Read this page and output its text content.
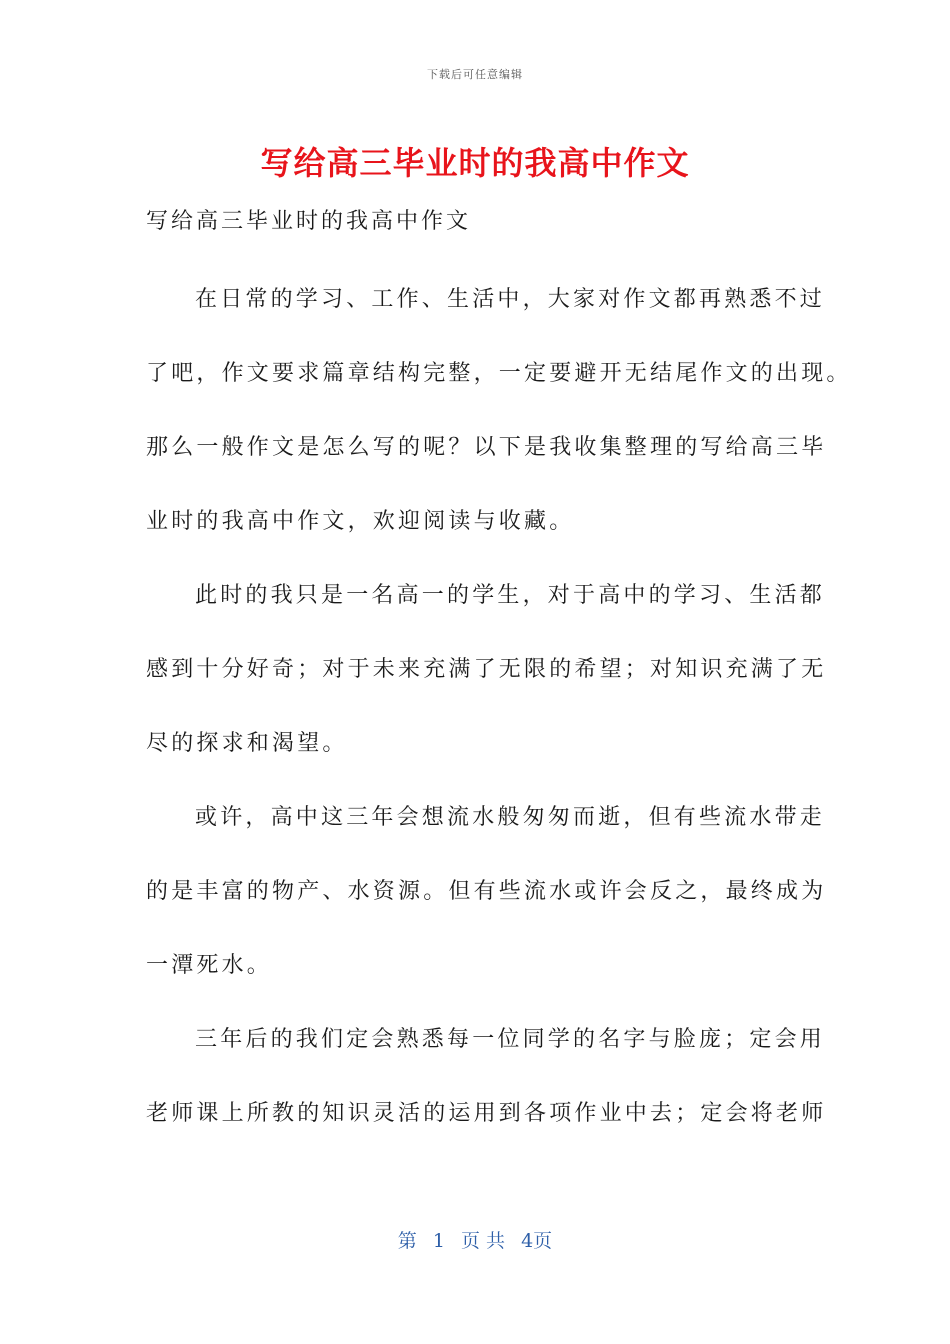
下载后可任意编辑
写给高三毕业时的我高中作文
写给高三毕业时的我高中作文
在日常的学习、工作、生活中，大家对作文都再熟悉不过
了吧，作文要求篇章结构完整，一定要避开无结尾作文的出现。
那么一般作文是怎么写的呢？以下是我收集整理的写给高三毕
业时的我高中作文，欢迎阅读与收藏。
此时的我只是一名高一的学生，对于高中的学习、生活都
感到十分好奇；对于未来充满了无限的希望；对知识充满了无
尽的探求和渴望。
或许，高中这三年会想流水般匆匆而逝，但有些流水带走
的是丰富的物产、水资源。但有些流水或许会反之，最终成为
一潭死水。
三年后的我们定会熟悉每一位同学的名字与脸庞；定会用
老师课上所教的知识灵活的运用到各项作业中去；定会将老师
第 1 页 共 4页
